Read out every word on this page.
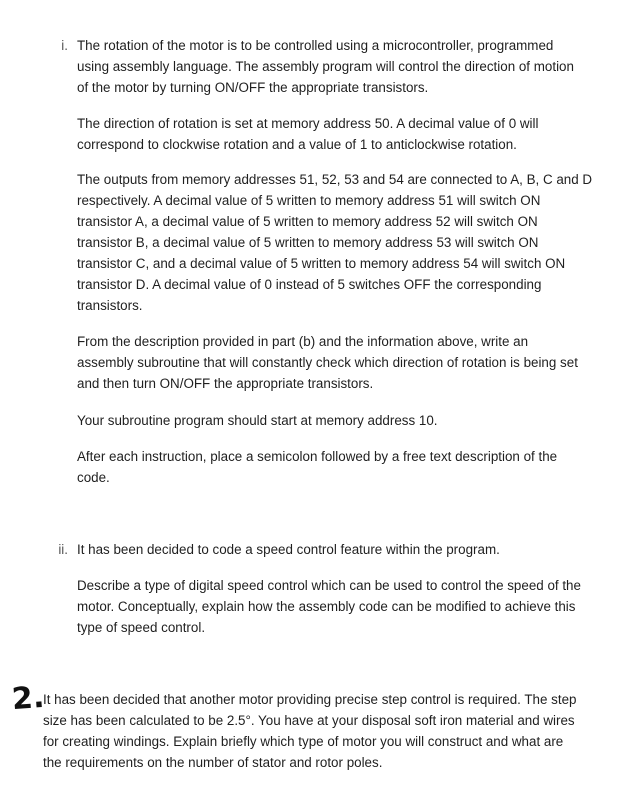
i. The rotation of the motor is to be controlled using a microcontroller, programmed using assembly language. The assembly program will control the direction of motion of the motor by turning ON/OFF the appropriate transistors.

The direction of rotation is set at memory address 50. A decimal value of 0 will correspond to clockwise rotation and a value of 1 to anticlockwise rotation.

The outputs from memory addresses 51, 52, 53 and 54 are connected to A, B, C and D respectively. A decimal value of 5 written to memory address 51 will switch ON transistor A, a decimal value of 5 written to memory address 52 will switch ON transistor B, a decimal value of 5 written to memory address 53 will switch ON transistor C, and a decimal value of 5 written to memory address 54 will switch ON transistor D. A decimal value of 0 instead of 5 switches OFF the corresponding transistors.

From the description provided in part (b) and the information above, write an assembly subroutine that will constantly check which direction of rotation is being set and then turn ON/OFF the appropriate transistors.

Your subroutine program should start at memory address 10.

After each instruction, place a semicolon followed by a free text description of the code.

ii. It has been decided to code a speed control feature within the program.

Describe a type of digital speed control which can be used to control the speed of the motor. Conceptually, explain how the assembly code can be modified to achieve this type of speed control.

2.

It has been decided that another motor providing precise step control is required. The step size has been calculated to be 2.5°. You have at your disposal soft iron material and wires for creating windings. Explain briefly which type of motor you will construct and what are the requirements on the number of stator and rotor poles.
